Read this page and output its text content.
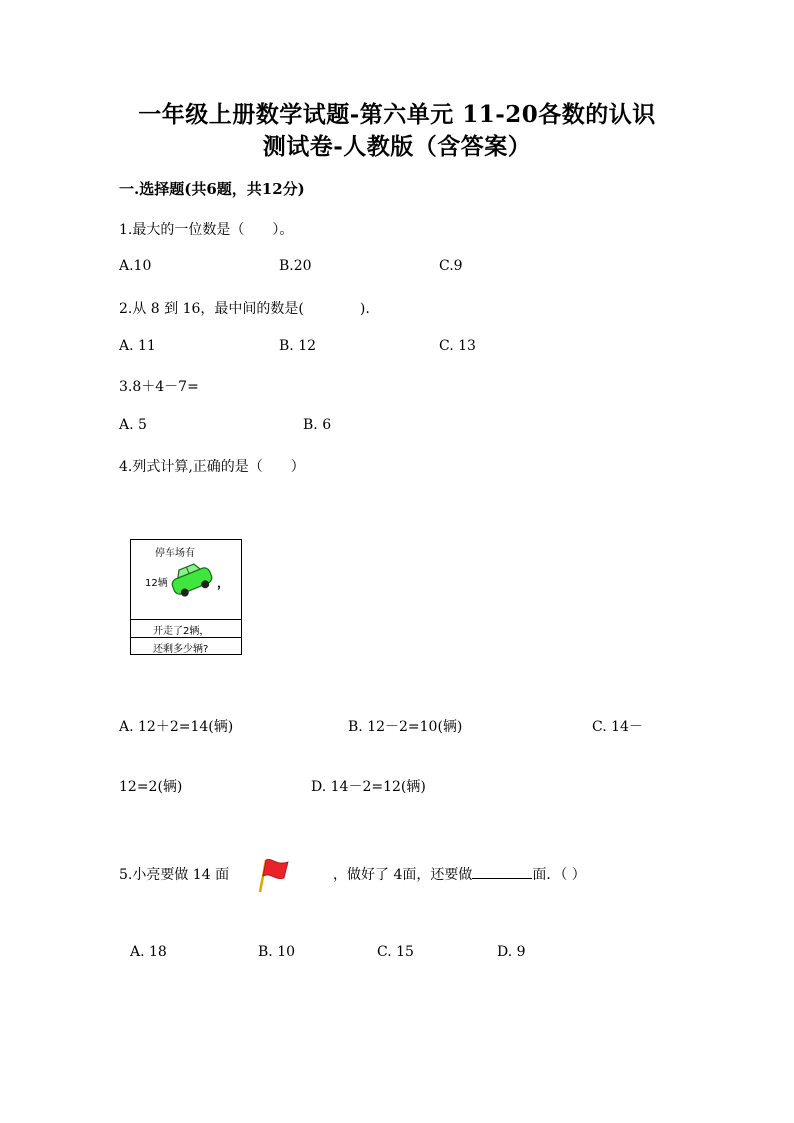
一年级上册数学试题-第六单元 11-20各数的认识
测试卷-人教版（含答案）
一.选择题(共6题，共12分)
1.最大的一位数是（　　）。
A.10	B.20	C.9
2.从 8 到 16，最中间的数是(　　　　).
A. 11	B. 12	C. 13
3.8＋4－7=
A. 5	B. 6
4.列式计算,正确的是（　　）
停车场有
12辆	，
开走了2辆，
还剩多少辆?
A. 12＋2=14(辆)	B. 12－2=10(辆)	C. 14－
12=2(辆)	D. 14－2=12(辆)
5.小亮要做 14 面	，做好了 4面，还要做	面．（ ）
A. 18	B. 10	C. 15	D. 9
